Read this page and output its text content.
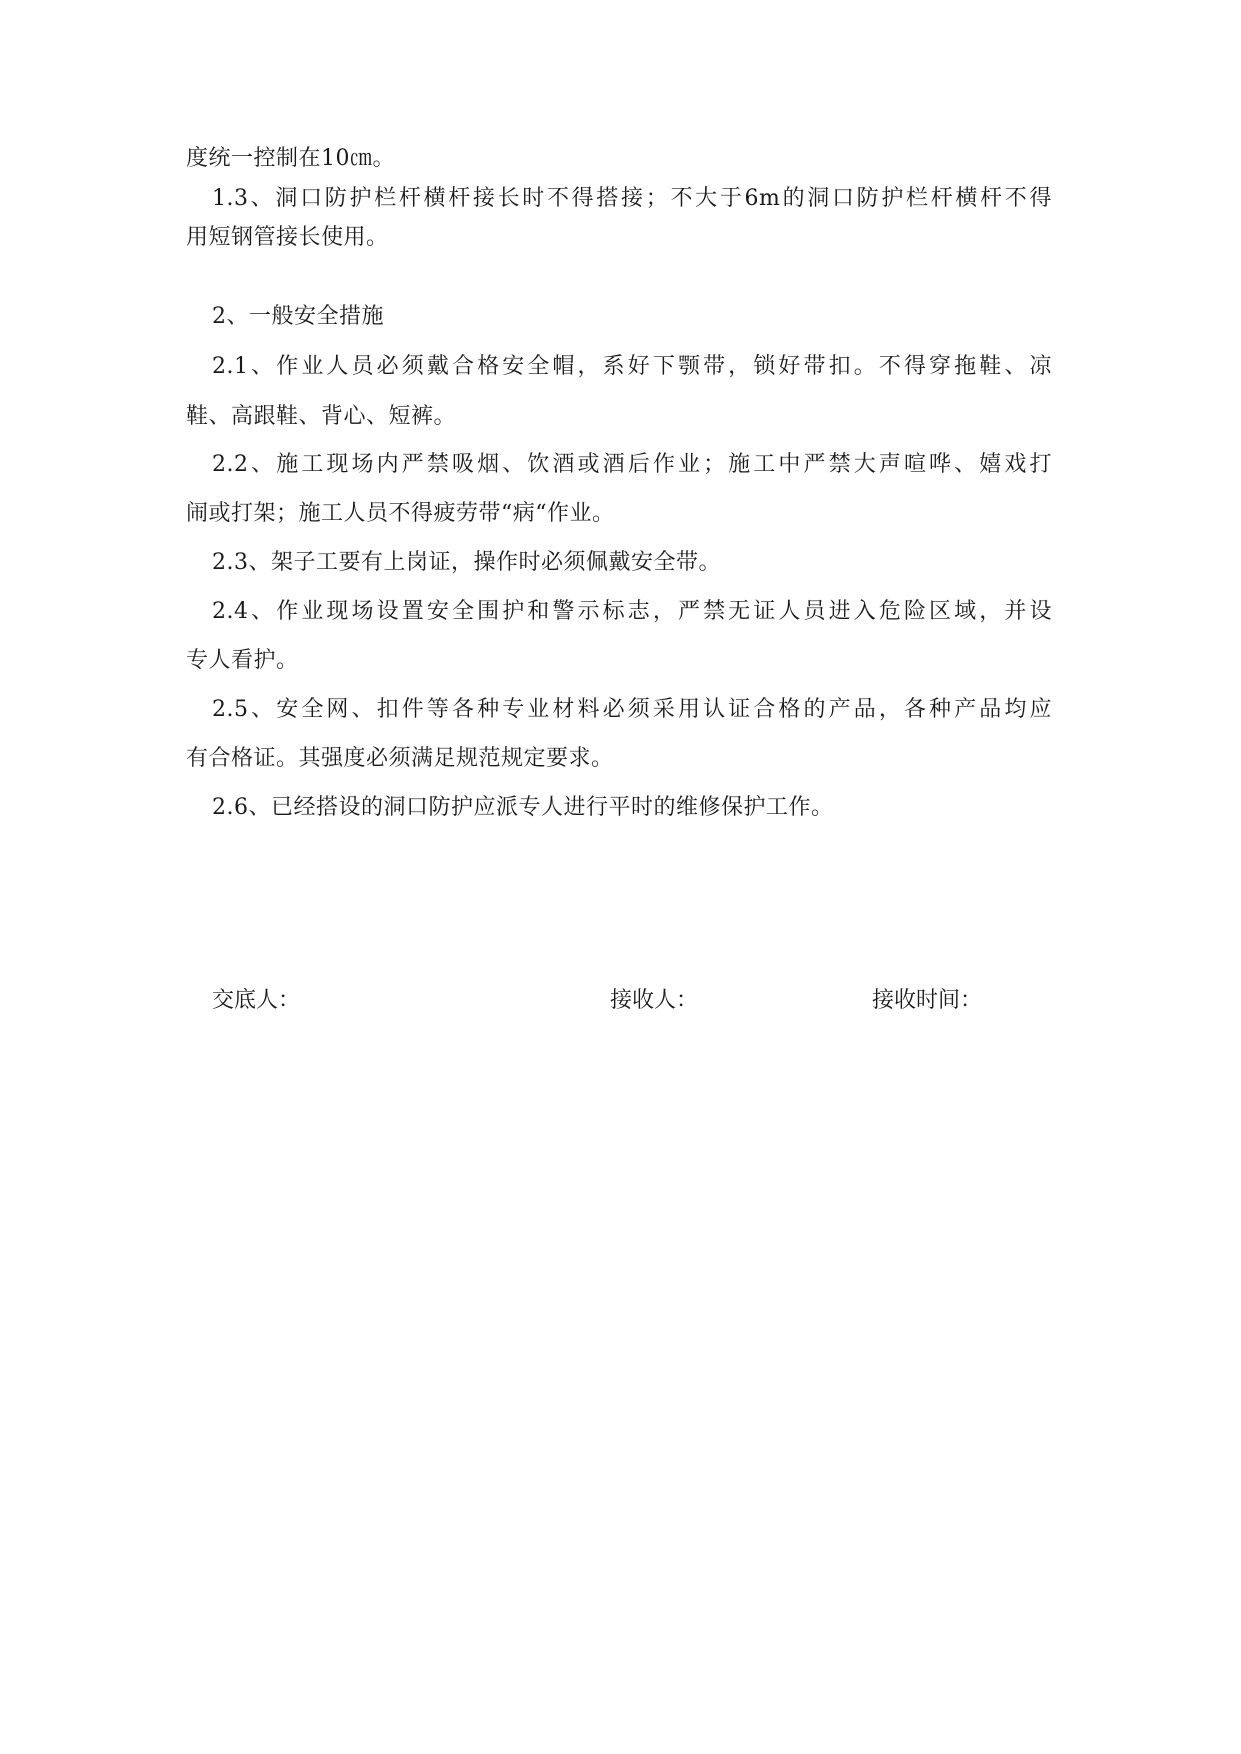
度统一控制在10㎝。
1.3、洞口防护栏杆横杆接长时不得搭接；不大于6m的洞口防护栏杆横杆不得
用短钢管接长使用。
2、一般安全措施
2.1、作业人员必须戴合格安全帽，系好下颚带，锁好带扣。不得穿拖鞋、凉
鞋、高跟鞋、背心、短裤。
2.2、施工现场内严禁吸烟、饮酒或酒后作业；施工中严禁大声喧哗、嬉戏打
闹或打架；施工人员不得疲劳带“病“作业。
2.3、架子工要有上岗证，操作时必须佩戴安全带。
2.4、作业现场设置安全围护和警示标志，严禁无证人员进入危险区域，并设
专人看护。
2.5、安全网、扣件等各种专业材料必须采用认证合格的产品，各种产品均应
有合格证。其强度必须满足规范规定要求。
2.6、已经搭设的洞口防护应派专人进行平时的维修保护工作。
交底人：	接收人：	接收时间：
